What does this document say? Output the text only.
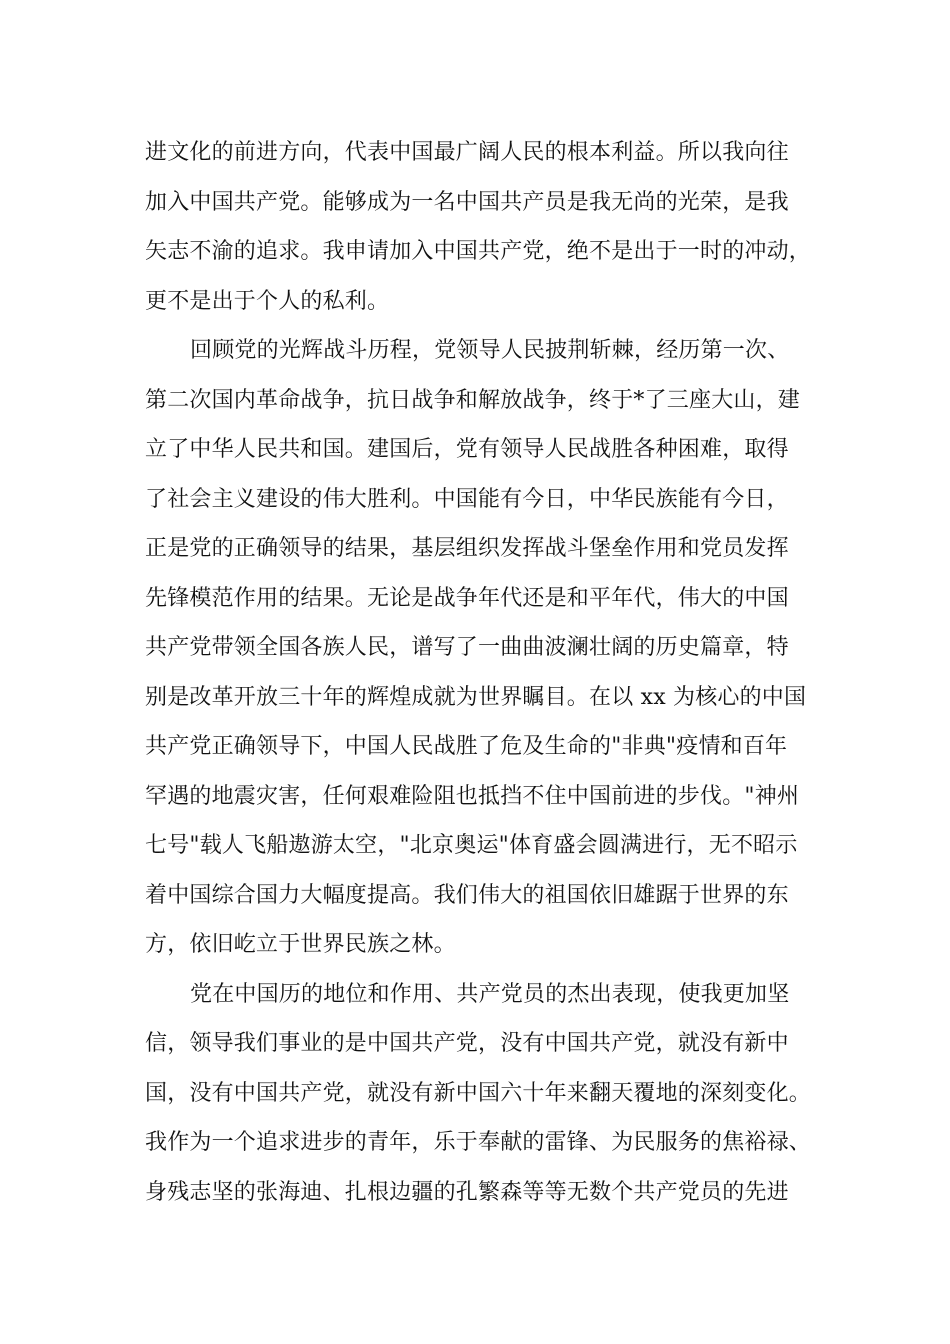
进文化的前进方向，代表中国最广阔人民的根本利益。所以我向往
加入中国共产党。能够成为一名中国共产员是我无尚的光荣，是我
矢志不渝的追求。我申请加入中国共产党，绝不是出于一时的冲动，
更不是出于个人的私利。
回顾党的光辉战斗历程，党领导人民披荆斩棘，经历第一次、
第二次国内革命战争，抗日战争和解放战争，终于*了三座大山，建
立了中华人民共和国。建国后，党有领导人民战胜各种困难，取得
了社会主义建设的伟大胜利。中国能有今日，中华民族能有今日，
正是党的正确领导的结果，基层组织发挥战斗堡垒作用和党员发挥
先锋模范作用的结果。无论是战争年代还是和平年代，伟大的中国
共产党带领全国各族人民，谱写了一曲曲波澜壮阔的历史篇章，特
别是改革开放三十年的辉煌成就为世界瞩目。在以 xx 为核心的中国
共产党正确领导下，中国人民战胜了危及生命的"非典"疫情和百年
罕遇的地震灾害，任何艰难险阻也抵挡不住中国前进的步伐。"神州
七号"载人飞船遨游太空，"北京奥运"体育盛会圆满进行，无不昭示
着中国综合国力大幅度提高。我们伟大的祖国依旧雄踞于世界的东
方，依旧屹立于世界民族之林。
党在中国历的地位和作用、共产党员的杰出表现，使我更加坚
信，领导我们事业的是中国共产党，没有中国共产党，就没有新中
国，没有中国共产党，就没有新中国六十年来翻天覆地的深刻变化。
我作为一个追求进步的青年，乐于奉献的雷锋、为民服务的焦裕禄、
身残志坚的张海迪、扎根边疆的孔繁森等等无数个共产党员的先进
